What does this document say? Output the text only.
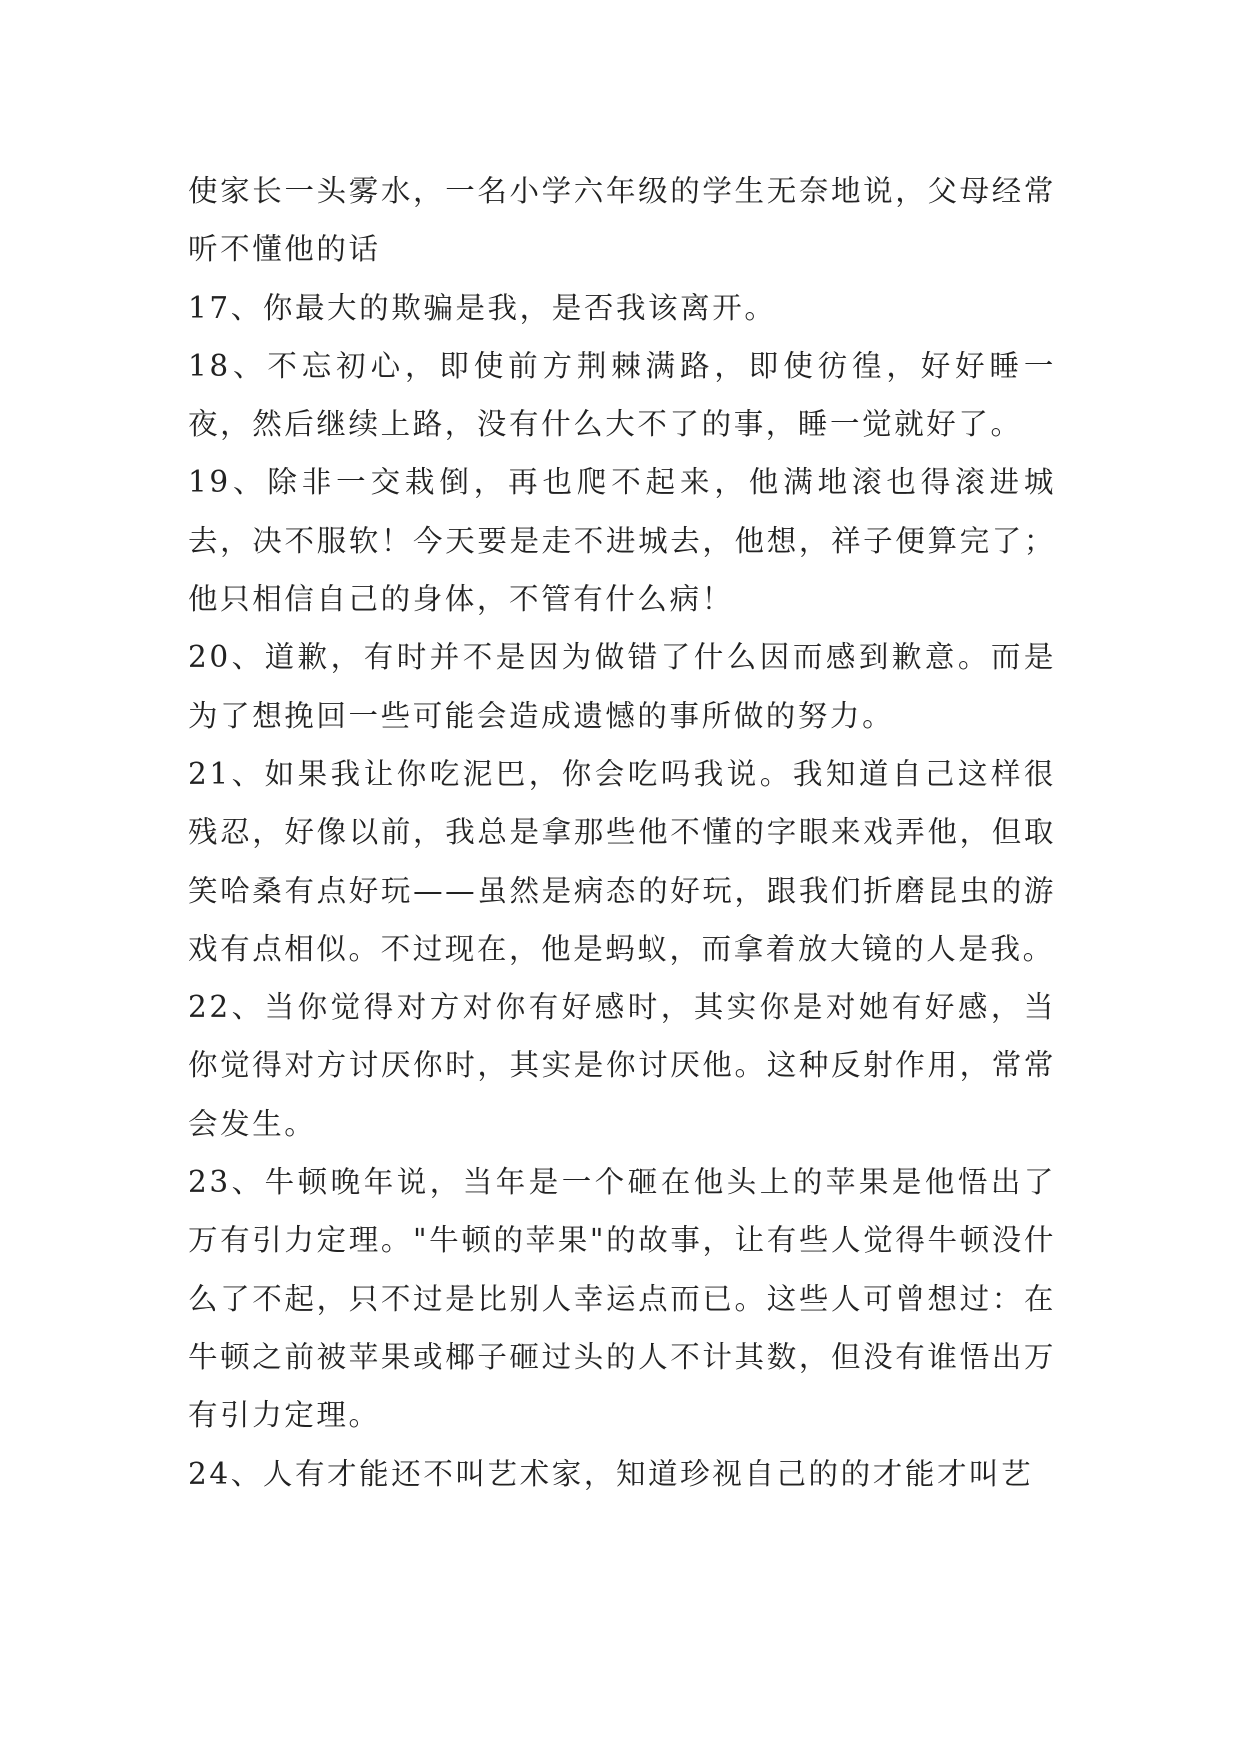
使家长一头雾水，一名小学六年级的学生无奈地说，父母经常听不懂他的话

17、你最大的欺骗是我，是否我该离开。

18、不忘初心，即使前方荆棘满路，即使彷徨，好好睡一夜，然后继续上路，没有什么大不了的事，睡一觉就好了。

19、除非一交栽倒，再也爬不起来，他满地滚也得滚进城去，决不服软！今天要是走不进城去，他想，祥子便算完了；他只相信自己的身体，不管有什么病！

20、道歉，有时并不是因为做错了什么因而感到歉意。而是为了想挽回一些可能会造成遗憾的事所做的努力。

21、如果我让你吃泥巴，你会吃吗我说。我知道自己这样很残忍，好像以前，我总是拿那些他不懂的字眼来戏弄他，但取笑哈桑有点好玩——虽然是病态的好玩，跟我们折磨昆虫的游戏有点相似。不过现在，他是蚂蚁，而拿着放大镜的人是我。

22、当你觉得对方对你有好感时，其实你是对她有好感，当你觉得对方讨厌你时，其实是你讨厌他。这种反射作用，常常会发生。

23、牛顿晚年说，当年是一个砸在他头上的苹果是他悟出了万有引力定理。"牛顿的苹果"的故事，让有些人觉得牛顿没什么了不起，只不过是比别人幸运点而已。这些人可曾想过：在牛顿之前被苹果或椰子砸过头的人不计其数，但没有谁悟出万有引力定理。

24、人有才能还不叫艺术家，知道珍视自己的的才能才叫艺
